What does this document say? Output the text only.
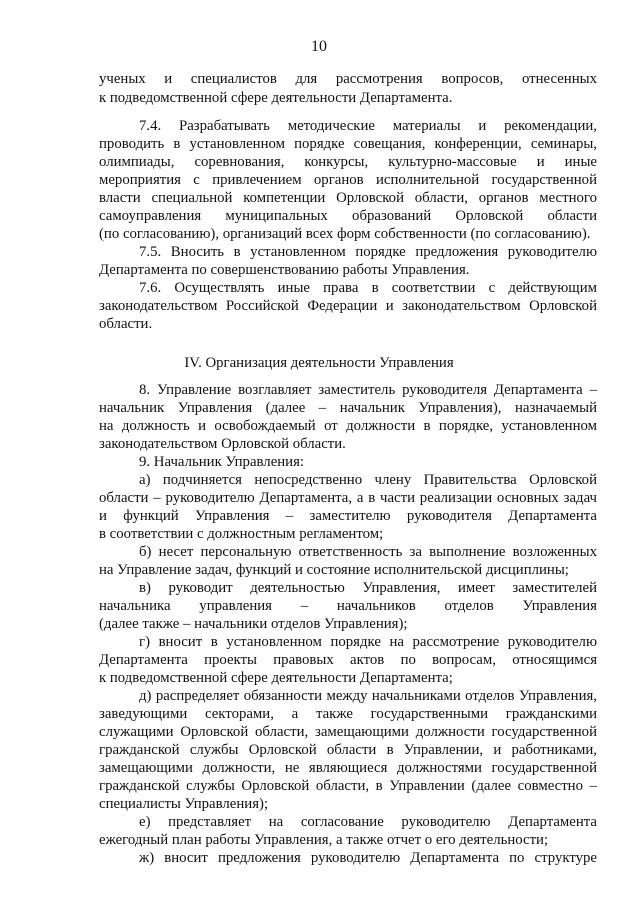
10
ученых и специалистов для рассмотрения вопросов, отнесенных
к подведомственной сфере деятельности Департамента.
7.4. Разрабатывать методические материалы и рекомендации,
проводить в установленном порядке совещания, конференции, семинары,
олимпиады, соревнования, конкурсы, культурно-массовые и иные
мероприятия с привлечением органов исполнительной государственной
власти специальной компетенции Орловской области, органов местного
самоуправления муниципальных образований Орловской области
(по согласованию), организаций всех форм собственности (по согласованию).
7.5. Вносить в установленном порядке предложения руководителю
Департамента по совершенствованию работы Управления.
7.6. Осуществлять иные права в соответствии с действующим
законодательством Российской Федерации и законодательством Орловской
области.
IV. Организация деятельности Управления
8. Управление возглавляет заместитель руководителя Департамента –
начальник Управления (далее – начальник Управления), назначаемый
на должность и освобождаемый от должности в порядке, установленном
законодательством Орловской области.
9. Начальник Управления:
а) подчиняется непосредственно члену Правительства Орловской
области – руководителю Департамента, а в части реализации основных задач
и функций Управления – заместителю руководителя Департамента
в соответствии с должностным регламентом;
б) несет персональную ответственность за выполнение возложенных
на Управление задач, функций и состояние исполнительской дисциплины;
в) руководит деятельностью Управления, имеет заместителей
начальника управления – начальников отделов Управления
(далее также – начальники отделов Управления);
г) вносит в установленном порядке на рассмотрение руководителю
Департамента проекты правовых актов по вопросам, относящимся
к подведомственной сфере деятельности Департамента;
д) распределяет обязанности между начальниками отделов Управления,
заведующими секторами, а также государственными гражданскими
служащими Орловской области, замещающими должности государственной
гражданской службы Орловской области в Управлении, и работниками,
замещающими должности, не являющиеся должностями государственной
гражданской службы Орловской области, в Управлении (далее совместно –
специалисты Управления);
е) представляет на согласование руководителю Департамента
ежегодный план работы Управления, а также отчет о его деятельности;
ж) вносит предложения руководителю Департамента по структуре
